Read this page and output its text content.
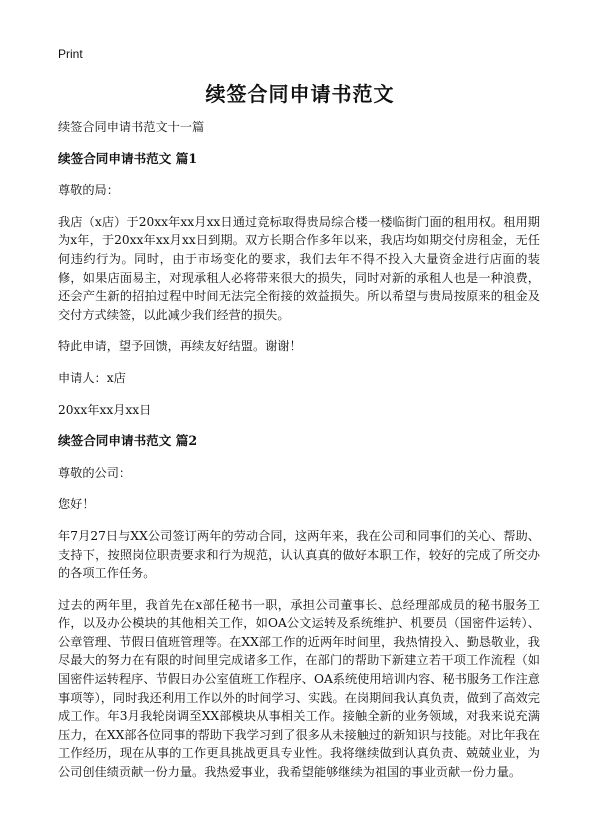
Print
续签合同申请书范文

续签合同申请书范文十一篇

续签合同申请书范文 篇1

尊敬的局：

我店（x店）于20xx年xx月xx日通过竞标取得贵局综合楼一楼临街门面的租用权。租用期为x年，于20xx年xx月xx日到期。双方长期合作多年以来，我店均如期交付房租金，无任何违约行为。同时，由于市场变化的要求，我们去年不得不投入大量资金进行店面的装修，如果店面易主，对现承租人必将带来很大的损失，同时对新的承租人也是一种浪费，还会产生新的招拍过程中时间无法完全衔接的效益损失。所以希望与贵局按原来的租金及交付方式续签，以此减少我们经营的损失。

特此申请，望予回馈，再续友好结盟。谢谢！

申请人：x店

20xx年xx月xx日

续签合同申请书范文 篇2

尊敬的公司：

您好！

年7月27日与XX公司签订两年的劳动合同，这两年来，我在公司和同事们的关心、帮助、支持下，按照岗位职责要求和行为规范，认认真真的做好本职工作，较好的完成了所交办的各项工作任务。

过去的两年里，我首先在x部任秘书一职，承担公司董事长、总经理部成员的秘书服务工作，以及办公模块的其他相关工作，如OA公文运转及系统维护、机要员（国密件运转）、公章管理、节假日值班管理等。在XX部工作的近两年时间里，我热情投入、勤恳敬业，我尽最大的努力在有限的时间里完成诸多工作，在部门的帮助下新建立若干项工作流程（如国密件运转程序、节假日办公室值班工作程序、OA系统使用培训内容、秘书服务工作注意事项等），同时我还利用工作以外的时间学习、实践。在岗期间我认真负责，做到了高效完成工作。年3月我轮岗调至XX部模块从事相关工作。接触全新的业务领域，对我来说充满压力，在XX部各位同事的帮助下我学习到了很多从未接触过的新知识与技能。对比年我在工作经历，现在从事的工作更具挑战更具专业性。我将继续做到认真负责、兢兢业业，为公司创佳绩贡献一份力量。我热爱事业，我希望能够继续为祖国的事业贡献一份力量。
